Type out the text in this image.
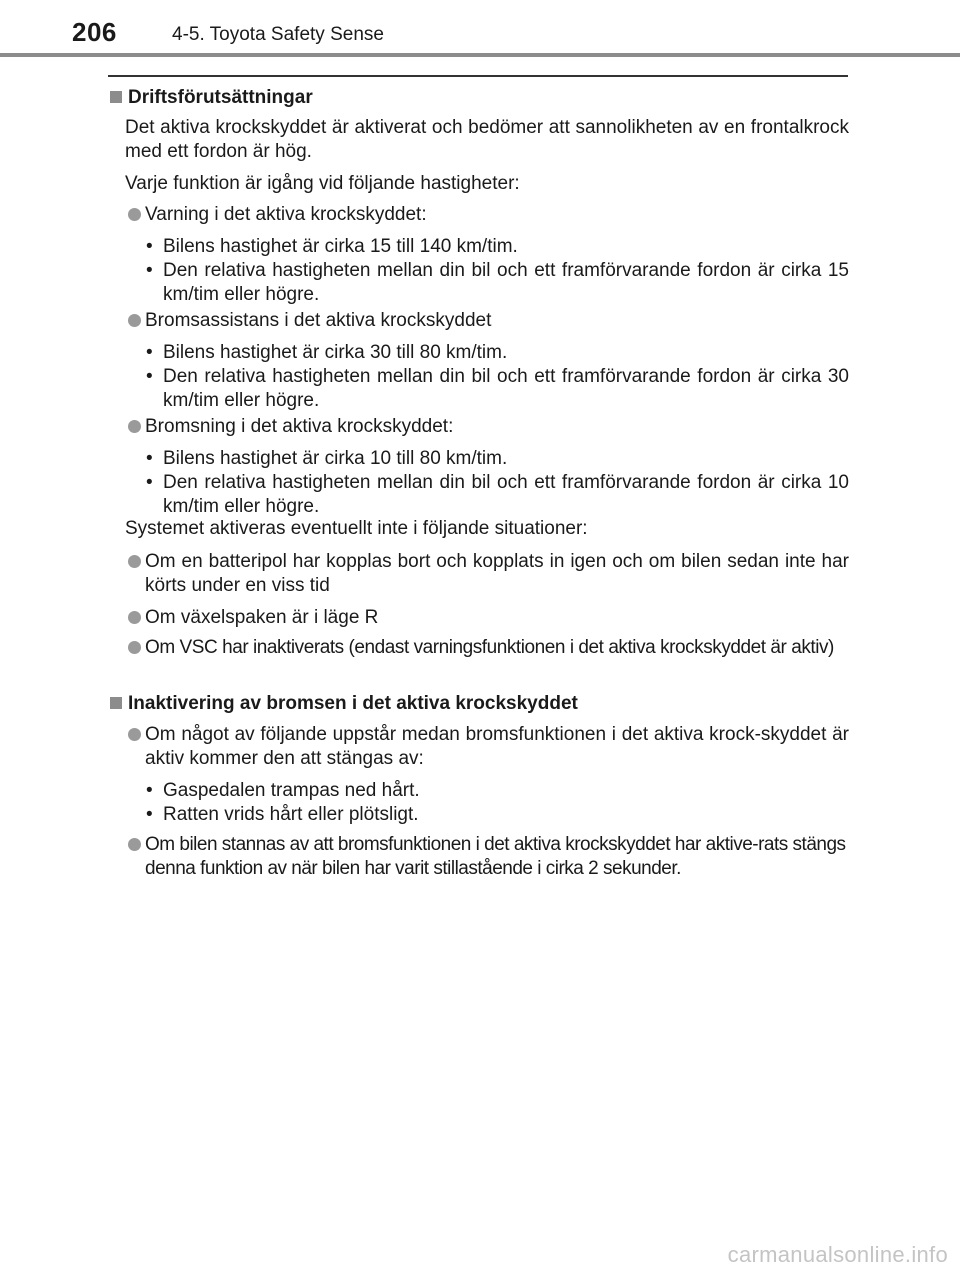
206	4-5. Toyota Safety Sense
Driftsförutsättningar
Det aktiva krockskyddet är aktiverat och bedömer att sannolikheten av en frontalkrock med ett fordon är hög.
Varje funktion är igång vid följande hastigheter:
Varning i det aktiva krockskyddet:
• Bilens hastighet är cirka 15 till 140 km/tim.
• Den relativa hastigheten mellan din bil och ett framförvarande fordon är cirka 15 km/tim eller högre.
Bromsassistans i det aktiva krockskyddet
• Bilens hastighet är cirka 30 till 80 km/tim.
• Den relativa hastigheten mellan din bil och ett framförvarande fordon är cirka 30 km/tim eller högre.
Bromsning i det aktiva krockskyddet:
• Bilens hastighet är cirka 10 till 80 km/tim.
• Den relativa hastigheten mellan din bil och ett framförvarande fordon är cirka 10 km/tim eller högre.
Systemet aktiveras eventuellt inte i följande situationer:
Om en batteripol har kopplas bort och kopplats in igen och om bilen sedan inte har körts under en viss tid
Om växelspaken är i läge R
Om VSC har inaktiverats (endast varningsfunktionen i det aktiva krockskyddet är aktiv)
Inaktivering av bromsen i det aktiva krockskyddet
Om något av följande uppstår medan bromsfunktionen i det aktiva krock-skyddet är aktiv kommer den att stängas av:
• Gaspedalen trampas ned hårt.
• Ratten vrids hårt eller plötsligt.
Om bilen stannas av att bromsfunktionen i det aktiva krockskyddet har aktive-rats stängs denna funktion av när bilen har varit stillastående i cirka 2 sekunder.
carmanualsonline.info
